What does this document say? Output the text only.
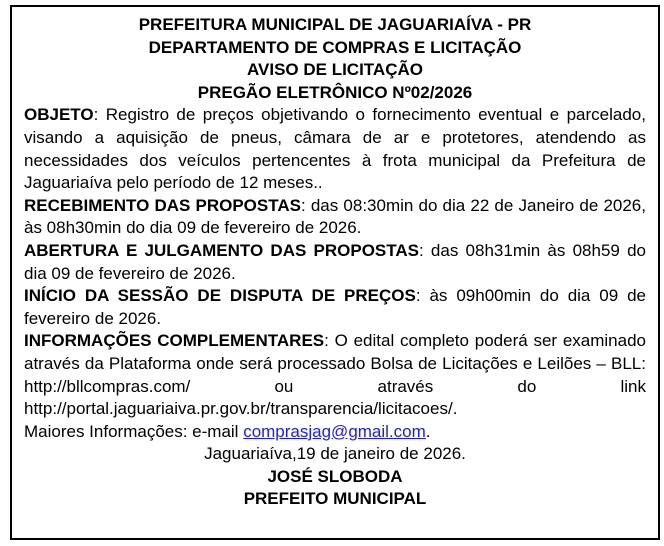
PREFEITURA MUNICIPAL DE JAGUARIAÍVA - PR

DEPARTAMENTO DE COMPRAS E LICITAÇÃO

AVISO DE LICITAÇÃO

PREGÃO ELETRÔNICO Nº02/2026

OBJETO: Registro de preços objetivando o fornecimento eventual e parcelado, visando a aquisição de pneus, câmara de ar e protetores, atendendo as necessidades dos veículos pertencentes à frota municipal da Prefeitura de Jaguariaíva pelo período de 12 meses..

RECEBIMENTO DAS PROPOSTAS: das 08:30min do dia 22 de Janeiro de 2026, às 08h30min do dia 09 de fevereiro de 2026.

ABERTURA E JULGAMENTO DAS PROPOSTAS: das 08h31min às 08h59 do dia 09 de fevereiro de 2026.

INÍCIO DA SESSÃO DE DISPUTA DE PREÇOS: às 09h00min do dia 09 de fevereiro de 2026.

INFORMAÇÕES COMPLEMENTARES: O edital completo poderá ser examinado através da Plataforma onde será processado Bolsa de Licitações e Leilões – BLL: http://bllcompras.com/ ou através do link http://portal.jaguariaiva.pr.gov.br/transparencia/licitacoes/.
Maiores Informações: e-mail comprasjag@gmail.com.

Jaguariaíva,19 de janeiro de 2026.

JOSÉ SLOBODA

PREFEITO MUNICIPAL
